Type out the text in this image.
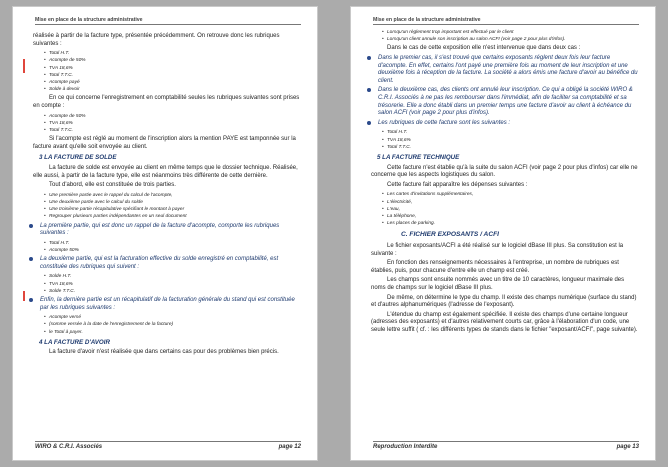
Mise en place de la structure administrative

réalisée à partir de la facture type, présentée précédemment. On retrouve donc les rubriques suivantes :

• Total H.T.
• Acompte de 50%
• TVA 18,6%
• Total T.T.C.
• Acompte payé
• Solde à devoir

En ce qui concerne l'enregistrement en comptabilité seules les rubriques suivantes sont prises en compte :

• Acompte de 50%
• TVA 18,6%
• Total T.T.C.

Si l'acompte est réglé au moment de l'inscription alors la mention PAYE est tamponnée sur la facture avant qu'elle soit envoyée au client.

3 LA FACTURE DE SOLDE

La facture de solde est envoyée au client en même temps que le dossier technique. Réalisée, elle aussi, à partir de la facture type, elle est néanmoins très différente de cette dernière.

Tout d'abord, elle est constituée de trois parties.

• Une première partie avec le rappel du calcul de l'acompte,
• Une deuxième partie avec le calcul du solde
• Une troisième partie récapitulative spécifiant le montant à payer
• Regrouper plusieurs parties indépendantes en un seul document

La première partie, qui est donc un rappel de la facture d'acompte, comporte les rubriques suivantes :

• Total H.T.
• Acompte 50%

La deuxième partie, qui est la facturation effective du solde enregistré en comptabilité, est constituée des rubriques qui suivent :

• Solde H.T.
• TVA 18,6%
• Solde T.T.C.

Enfin, la dernière partie est un récapitulatif de la facturation générale du stand qui est constituée par les rubriques suivantes :

• Acompte versé
• (somme versée à la date de l'enregistrement de la facture)
• le Total à payer.
4 LA FACTURE D'AVOIR

La facture d'avoir n'est réalisée que dans certains cas pour des problèmes bien précis.

WIRO & C.R.I. Associés	page 12
Mise en place de la structure administrative
• Lorsqu'un règlement trop important est effectué par le client
• Lorsqu'un client annule son inscription au salon ACFI (voir page 2 pour plus d'infos).

Dans le cas de cette exposition elle n'est intervenue que dans deux cas :

Dans le premier cas, il s'est trouvé que certains exposants réglent deux fois leur facture d'acompte. En effet, certains l'ont payé une première fois au moment de leur inscription et une deuxième fois à réception de la facture. La société a alors émis une facture d'avoir au bénéfice du client.

Dans le deuxième cas, des clients ont annulé leur inscription. Ce qui a obligé la société WIRO & C.R.I. Associés à ne pas les rembourser dans l'immédiat, afin de faciliter sa comptabilité et sa trésorerie. Elle a donc établi dans un premier temps une facture d'avoir au client à échéance du salon ACFI (voir page 2 pour plus d'infos).

Les rubriques de cette facture sont les suivantes :

• Total H.T.
• TVA 18,6%
• Total T.T.C.
5 LA FACTURE TECHNIQUE

Cette facture n'est établie qu'à la suite du salon ACFI (voir page 2 pour plus d'infos) car elle ne concerne que les aspects logistiques du salon.

Cette facture fait apparaître les dépenses suivantes :

• Les cartes d'invitations supplémentaires,
• L'électricité,
• L'eau,
• La téléphone,
• Les places de parking.
C. FICHIER EXPOSANTS / ACFI

Le fichier exposants/ACFI a été réalisé sur le logiciel dBase III plus. Sa constitution est la suivante :

En fonction des renseignements nécessaires à l'entreprise, un nombre de rubriques est établies, puis, pour chacune d'entre elle un champ est créé.

Les champs sont ensuite nommés avec un titre de 10 caractères, longueur maximale des noms de champs sur le logiciel dBase III plus.

De même, on détermine le type du champ. Il existe des champs numérique (surface du stand) et d'autres alphanumériques (l'adresse de l'exposant).

L'étendue du champ est également spécifiée. Il existe des champs d'une certaine longueur (adresses des exposants) et d'autres relativement courts car, grâce à l'élaboration d'un code, une seule lettre suffit ( cf. : les différents types de stands dans le fichier "exposant/ACFI", page suivante).

Reproduction Interdite	page 13
